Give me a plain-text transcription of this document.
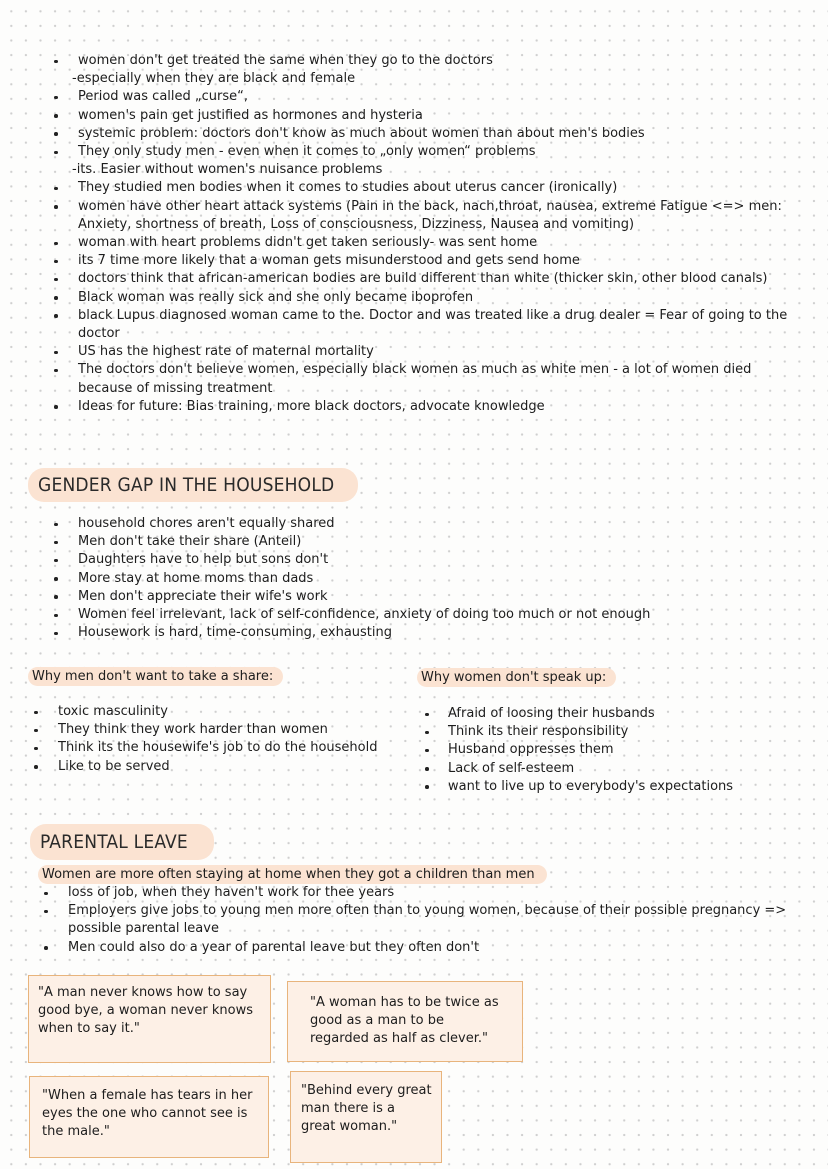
women don't get treated the same when they go to the doctors
-especially when they are black and female
Period was called „curse“,
women's pain get justified as hormones and hysteria
systemic problem: doctors don't know as much about women than about men's bodies
They only study men - even when it comes to „only women“ problems
-its. Easier without women's nuisance problems
They studied men bodies when it comes to studies about uterus cancer (ironically)
women have other heart attack systems (Pain in the back, nach,throat, nausea, extreme Fatigue <=> men: Anxiety, shortness of breath, Loss of consciousness, Dizziness, Nausea and vomiting)
woman with heart problems didn't get taken seriously- was sent home
its 7 time more likely that a woman gets misunderstood and gets send home
doctors think that african-american bodies are build different than white (thicker skin, other blood canals)
Black woman was really sick and she only became iboprofen
black Lupus diagnosed woman came to the. Doctor and was treated like a drug dealer = Fear of going to the doctor
US has the highest rate of maternal mortality
The doctors don't believe women, especially black women as much as white men - a lot of women died because of missing treatment
Ideas for future: Bias training, more black doctors, advocate knowledge
GENDER GAP IN THE HOUSEHOLD
household chores aren't equally shared
Men don't take their share (Anteil)
Daughters have to help but sons don't
More stay at home moms than dads
Men don't appreciate their wife's work
Women feel irrelevant, lack of self-confidence, anxiety of doing too much or not enough
Housework is hard, time-consuming, exhausting
Why men don't want to take a share:	Why women don't speak up:
toxic masculinity
They think they work harder than women
Think its the housewife's job to do the household
Like to be served
Afraid of loosing their husbands
Think its their responsibility
Husband oppresses them
Lack of self-esteem
want to live up to everybody's expectations
PARENTAL LEAVE
Women are more often staying at home when they got a children than men
loss of job, when they haven't work for thee years
Employers give jobs to young men more often than to young women, because of their possible pregnancy => possible parental leave
Men could also do a year of parental leave but they often don't
"A man never knows how to say good bye, a woman never knows when to say it."
"A woman has to be twice as good as a man to be regarded as half as clever."
"When a female has tears in her eyes the one who cannot see is the male."
"Behind every great man there is a great woman."
